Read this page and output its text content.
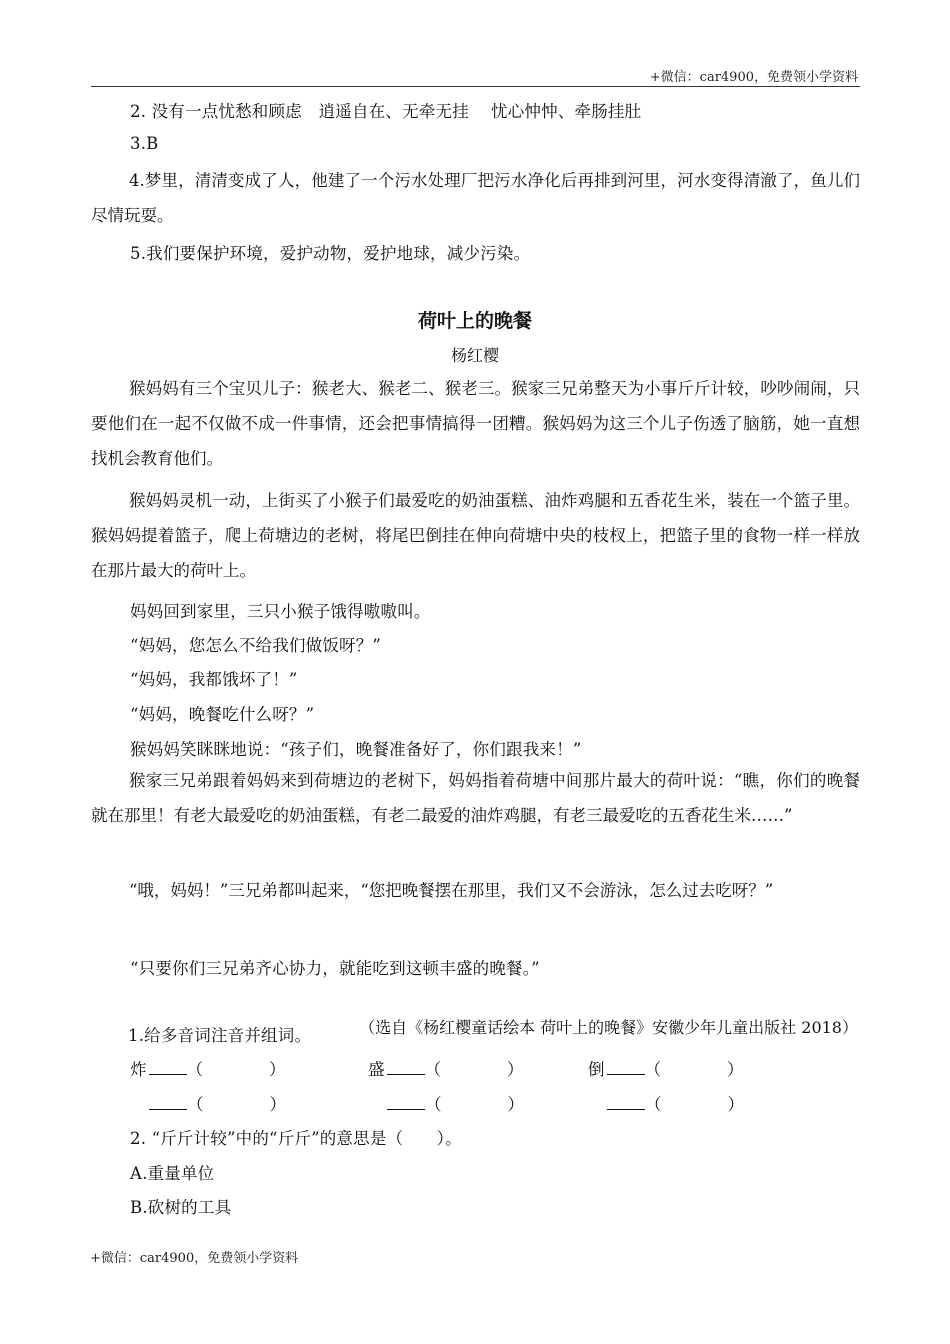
+微信：car4900，免费领小学资料
2. 没有一点忧愁和顾虑　逍遥自在、无牵无挂　 忧心忡忡、牵肠挂肚
3.B

4.梦里，清清变成了人，他建了一个污水处理厂把污水净化后再排到河里，河水变得清澈了，鱼儿们尽情玩耍。

5.我们要保护环境，爱护动物，爱护地球，减少污染。
荷叶上的晚餐
杨红樱

猴妈妈有三个宝贝儿子：猴老大、猴老二、猴老三。猴家三兄弟整天为小事斤斤计较，吵吵闹闹，只要他们在一起不仅做不成一件事情，还会把事情搞得一团糟。猴妈妈为这三个儿子伤透了脑筋，她一直想找机会教育他们。

猴妈妈灵机一动，上街买了小猴子们最爱吃的奶油蛋糕、油炸鸡腿和五香花生米，装在一个篮子里。猴妈妈提着篮子，爬上荷塘边的老树，将尾巴倒挂在伸向荷塘中央的枝杈上，把篮子里的食物一样一样放在那片最大的荷叶上。

妈妈回到家里，三只小猴子饿得嗷嗷叫。
“妈妈，您怎么不给我们做饭呀？”
“妈妈，我都饿坏了！”
“妈妈，晚餐吃什么呀？”
猴妈妈笑眯眯地说：“孩子们，晚餐准备好了，你们跟我来！”

猴家三兄弟跟着妈妈来到荷塘边的老树下，妈妈指着荷塘中间那片最大的荷叶说：“瞧，你们的晚餐就在那里！有老大最爱吃的奶油蛋糕，有老二最爱的油炸鸡腿，有老三最爱吃的五香花生米……”

“哦，妈妈！”三兄弟都叫起来，“您把晚餐摆在那里，我们又不会游泳，怎么过去吃呀？”

“只要你们三兄弟齐心协力，就能吃到这顿丰盛的晚餐。”
（选自《杨红樱童话绘本 荷叶上的晚餐》安徽少年儿童出版社 2018）
1.给多音词注音并组词。
炸 （　　　　）	盛 （　　　　）	倒 （　　　　）
（　　　　）	（　　　　）	（　　　　）
2. “斤斤计较”中的“斤斤”的意思是（　　）。
A.重量单位
B.砍树的工具
+微信：car4900，免费领小学资料
